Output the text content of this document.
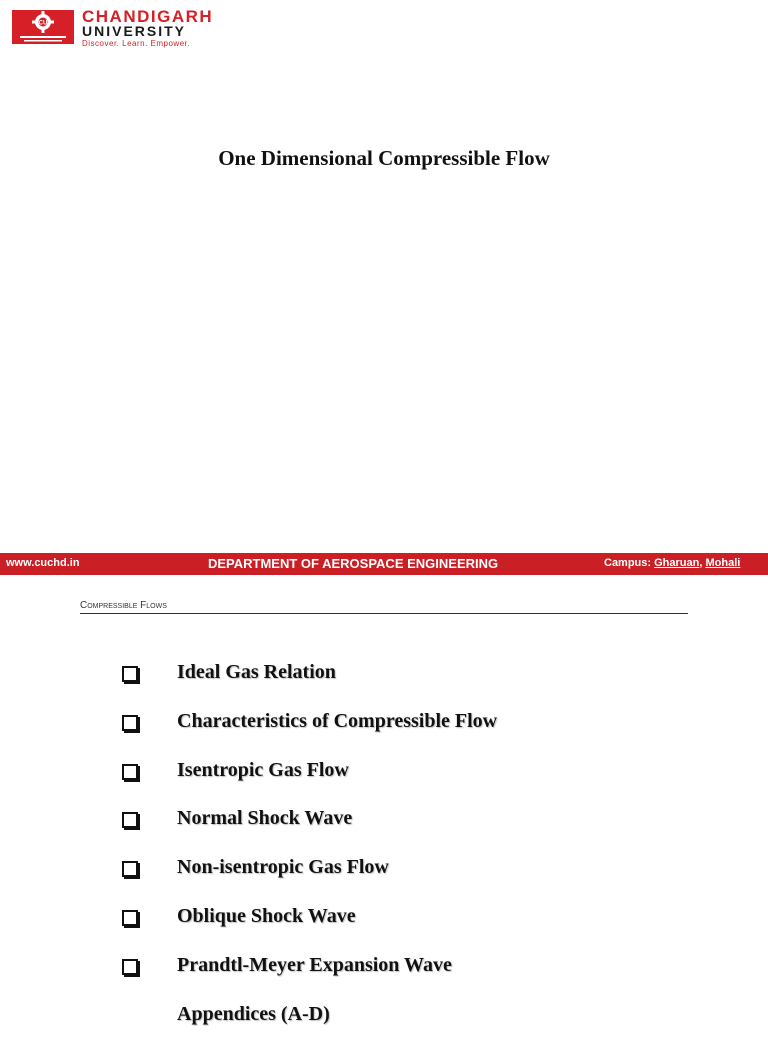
CU CHANDIGARH
UNIVERSITY
Discover. Learn. Empower.
One Dimensional Compressible Flow
www.cuchd.in	DEPARTMENT OF AEROSPACE ENGINEERING	Campus: Gharuan, Mohali
Compressible Flows
Ideal Gas Relation
Characteristics of Compressible Flow
Isentropic Gas Flow
Normal Shock Wave
Non-isentropic Gas Flow
Oblique Shock Wave
Prandtl-Meyer Expansion Wave
Appendices (A-D)
